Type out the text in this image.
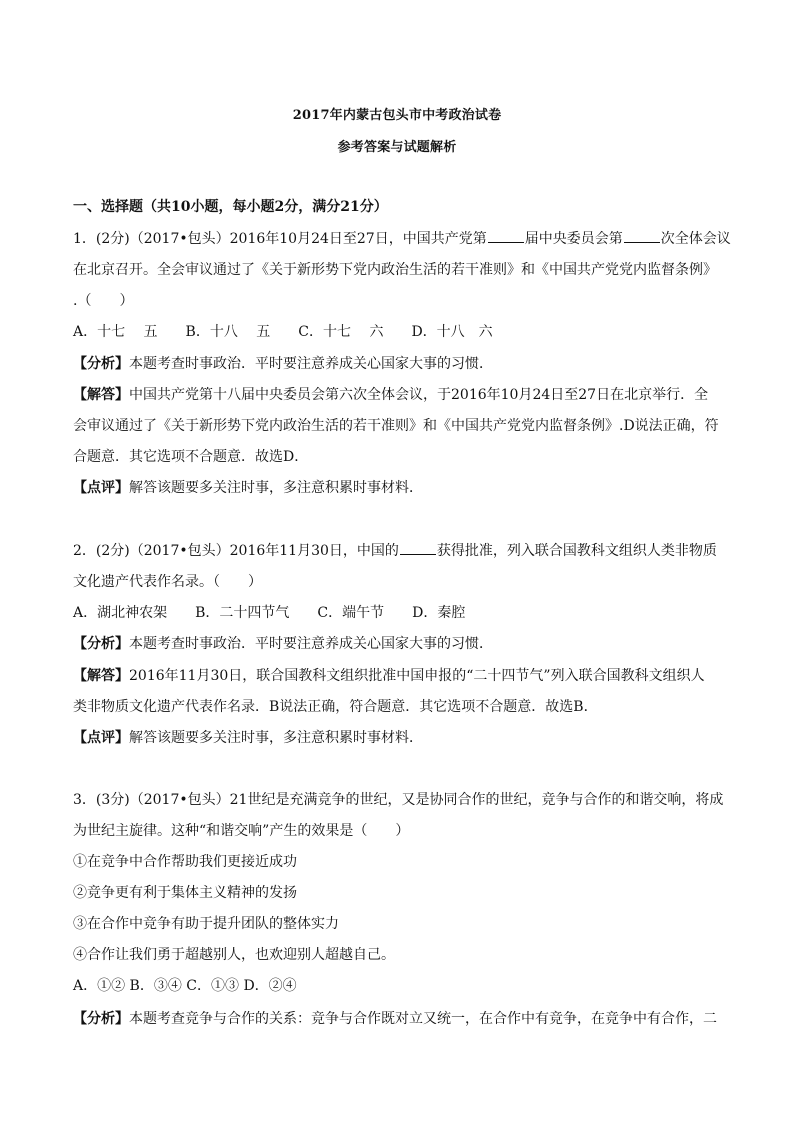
2017年内蒙古包头市中考政治试卷
参考答案与试题解析
一、选择题（共10小题，每小题2分，满分21分）
1．(2分)（2017•包头）2016年10月24日至27日，中国共产党第	届中央委员会第	次全体会议
在北京召开。全会审议通过了《关于新形势下党内政治生活的若干准则》和《中国共产党党内监督条例》
.（　　）
A．十七　 五　　B．十八　 五　　C．十七　 六　　D．十八　六
【分析】本题考查时事政治．平时要注意养成关心国家大事的习惯．
【解答】中国共产党第十八届中央委员会第六次全体会议，于2016年10月24日至27日在北京举行．全
会审议通过了《关于新形势下党内政治生活的若干准则》和《中国共产党党内监督条例》.D说法正确，符
合题意．其它选项不合题意．故选D．
【点评】解答该题要多关注时事，多注意积累时事材料．
2．(2分)（2017•包头）2016年11月30日，中国的	获得批准，列入联合国教科文组织人类非物质
文化遗产代表作名录。（　　）
A．湖北神农架　　B．二十四节气　　C．端午节　　D．秦腔
【分析】本题考查时事政治．平时要注意养成关心国家大事的习惯．
【解答】2016年11月30日，联合国教科文组织批准中国申报的“二十四节气”列入联合国教科文组织人
类非物质文化遗产代表作名录．B说法正确，符合题意．其它选项不合题意．故选B．
【点评】解答该题要多关注时事，多注意积累时事材料．
3．(3分)（2017•包头）21世纪是充满竞争的世纪，又是协同合作的世纪，竞争与合作的和谐交响，将成
为世纪主旋律。这种“和谐交响”产生的效果是（　　）
①在竞争中合作帮助我们更接近成功
②竞争更有利于集体主义精神的发扬
③在合作中竞争有助于提升团队的整体实力
④合作让我们勇于超越别人，也欢迎别人超越自己。
A．①② B．③④ C．①③ D．②④
【分析】本题考查竞争与合作的关系：竞争与合作既对立又统一，在合作中有竞争，在竞争中有合作，二
